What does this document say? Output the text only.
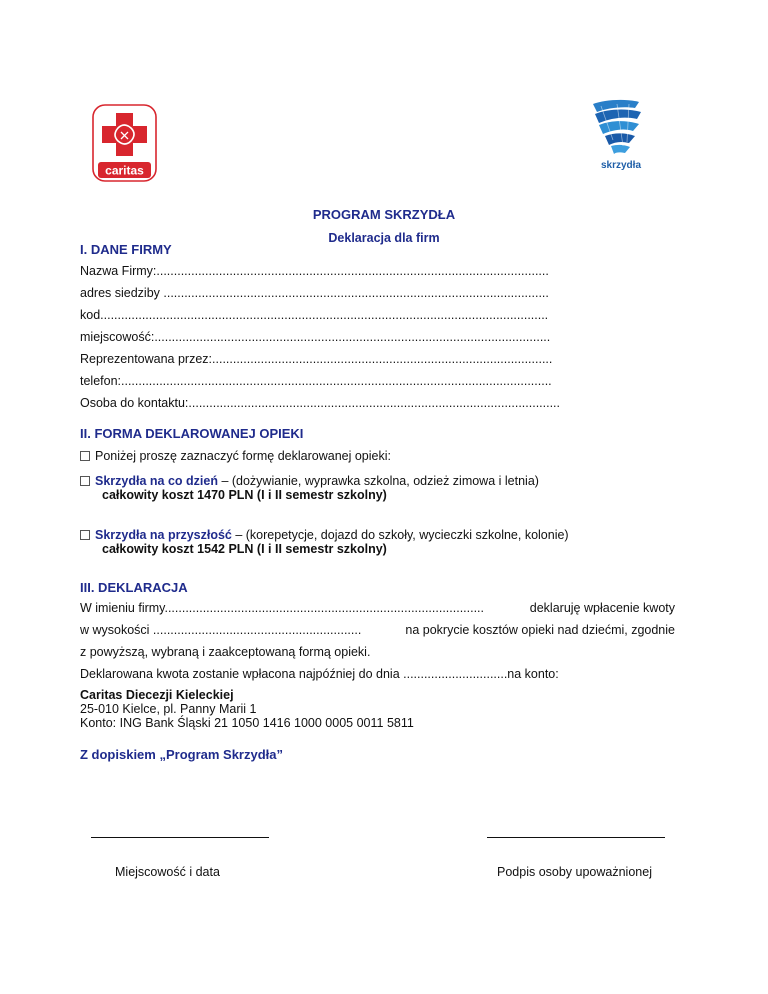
caritas	skrzydła
PROGRAM SKRZYDŁA
Deklaracja dla firm
I. DANE FIRMY
Nazwa Firmy:.................................................................................................................
adres siedziby ...............................................................................................................
kod.................................................................................................................................
miejscowość:..................................................................................................................
Reprezentowana przez:..................................................................................................
telefon:............................................................................................................................
Osoba do kontaktu:...........................................................................................................
II. FORMA DEKLAROWANEJ OPIEKI
Poniżej proszę zaznaczyć formę deklarowanej opieki:
Skrzydła na co dzień – (dożywianie, wyprawka szkolna, odzież zimowa i letnia)
całkowity koszt 1470 PLN (I i II semestr szkolny)
Skrzydła na przyszłość – (korepetycje, dojazd do szkoły, wycieczki szkolne, kolonie)
całkowity koszt 1542 PLN (I i II semestr szkolny)
III. DEKLARACJA
W imieniu firmy............................................................................................	deklaruję wpłacenie kwoty
w wysokości ............................................................	na pokrycie kosztów opieki nad dziećmi, zgodnie
z powyższą, wybraną i zaakceptowaną formą opieki.
Deklarowana kwota zostanie wpłacona najpóźniej do dnia ..............................na konto:
Caritas Diecezji Kieleckiej
25-010 Kielce, pl. Panny Marii 1
Konto: ING Bank Śląski 21 1050 1416 1000 0005 0011 5811
Z dopiskiem „Program Skrzydła”
Miejscowość i data	Podpis osoby upoważnionej
